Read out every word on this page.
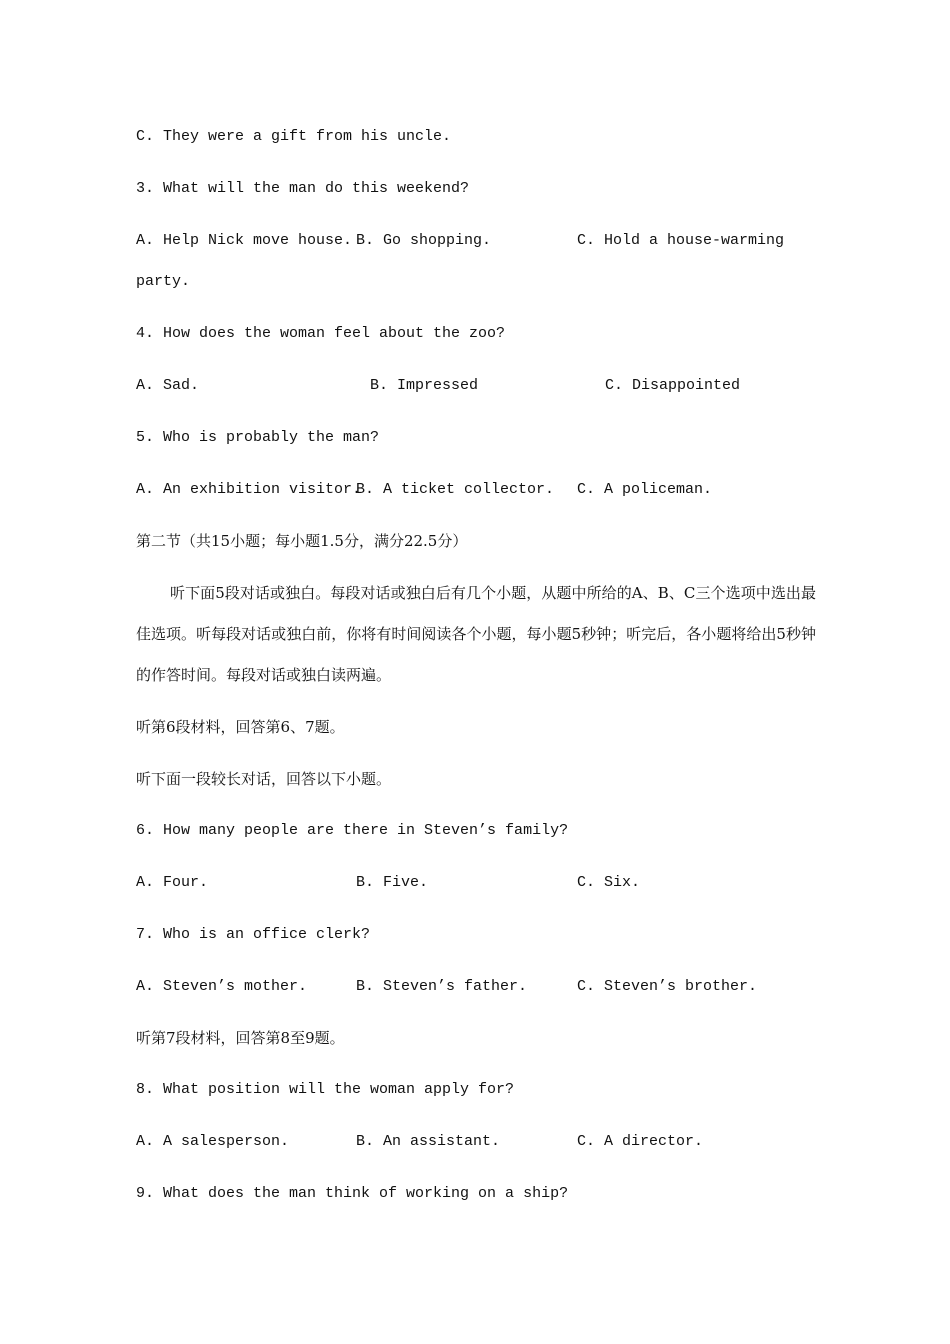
C. They were a gift from his uncle.
3. What will the man do this weekend?
A. Help Nick move house. B. Go shopping.	C. Hold a house-warming
party.
4. How does the woman feel about the zoo?
A. Sad.	B. Impressed	C. Disappointed
5. Who is probably the man?
A. An exhibition visitor.
B. A ticket collector. C. A policeman.
第二节（共15小题；每小题1.5分，满分22.5分）
听下面5段对话或独白。每段对话或独白后有几个小题，从题中所给的A、B、C三个选项中选出最佳选项。听每段对话或独白前，你将有时间阅读各个小题，每小题5秒钟；听完后，各小题将给出5秒钟的作答时间。每段对话或独白读两遍。
听第6段材料，回答第6、7题。
听下面一段较长对话，回答以下小题。
6. How many people are there in Steven’s family?
A. Four.	B. Five.	C. Six.
7. Who is an office clerk?
A. Steven’s mother.	B. Steven’s father.	C. Steven’s brother.
听第7段材料，回答第8至9题。
8. What position will the woman apply for?
A. A salesperson.	B. An assistant.	C. A director.
9. What does the man think of working on a ship?
